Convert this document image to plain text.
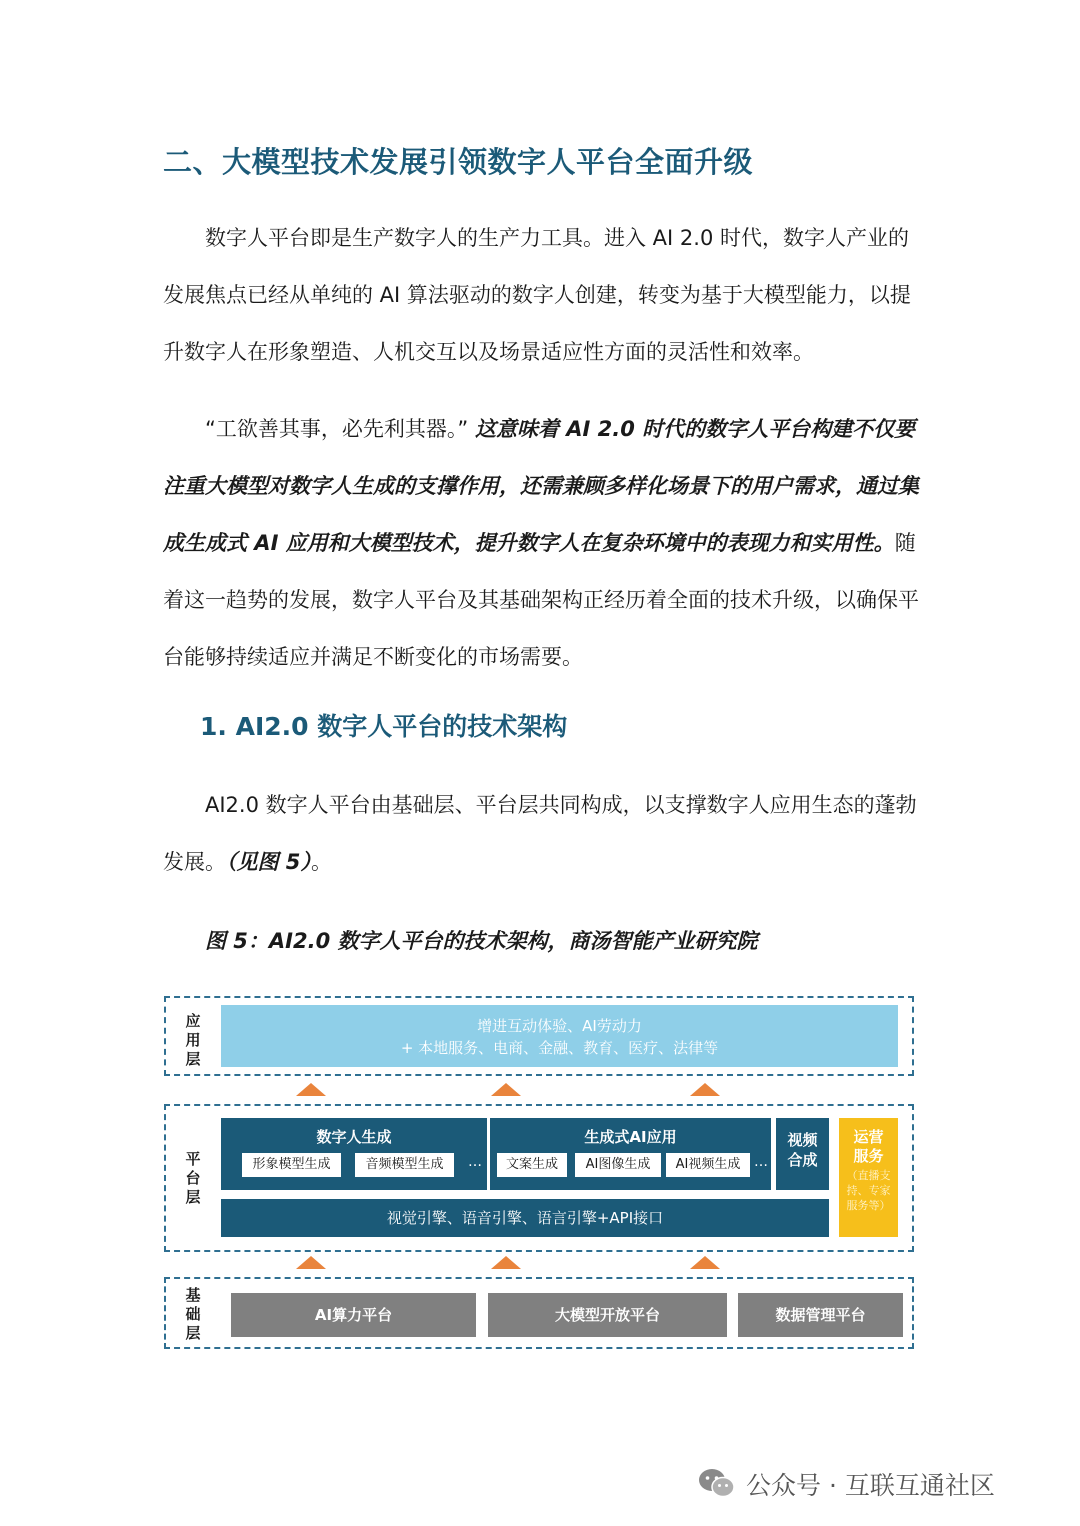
二、大模型技术发展引领数字人平台全面升级
数字人平台即是生产数字人的生产力工具。进入 AI 2.0 时代，数字人产业的发展焦点已经从单纯的 AI 算法驱动的数字人创建，转变为基于大模型能力，以提升数字人在形象塑造、人机交互以及场景适应性方面的灵活性和效率。
“工欲善其事，必先利其器。” 这意味着 AI 2.0 时代的数字人平台构建不仅要注重大模型对数字人生成的支撑作用，还需兼顾多样化场景下的用户需求，通过集成生成式 AI 应用和大模型技术，提升数字人在复杂环境中的表现力和实用性。随着这一趋势的发展，数字人平台及其基础架构正经历着全面的技术升级，以确保平台能够持续适应并满足不断变化的市场需要。
1. AI2.0 数字人平台的技术架构
AI2.0 数字人平台由基础层、平台层共同构成，以支撑数字人应用生态的蓬勃发展。（见图 5）。
图 5：AI2.0 数字人平台的技术架构，商汤智能产业研究院
应用层
增进互动体验、AI劳动力
+ 本地服务、电商、金融、教育、医疗、法律等
平台层
数字人生成
形象模型生成	音频模型生成	…
生成式AI应用
文案生成	AI图像生成	AI视频生成 …
视频合成
视觉引擎、语音引擎、语言引擎+API接口
运营服务
（直播支持、专家服务等）
基础层
AI算力平台	大模型开放平台	数据管理平台
公众号 · 互联互通社区
